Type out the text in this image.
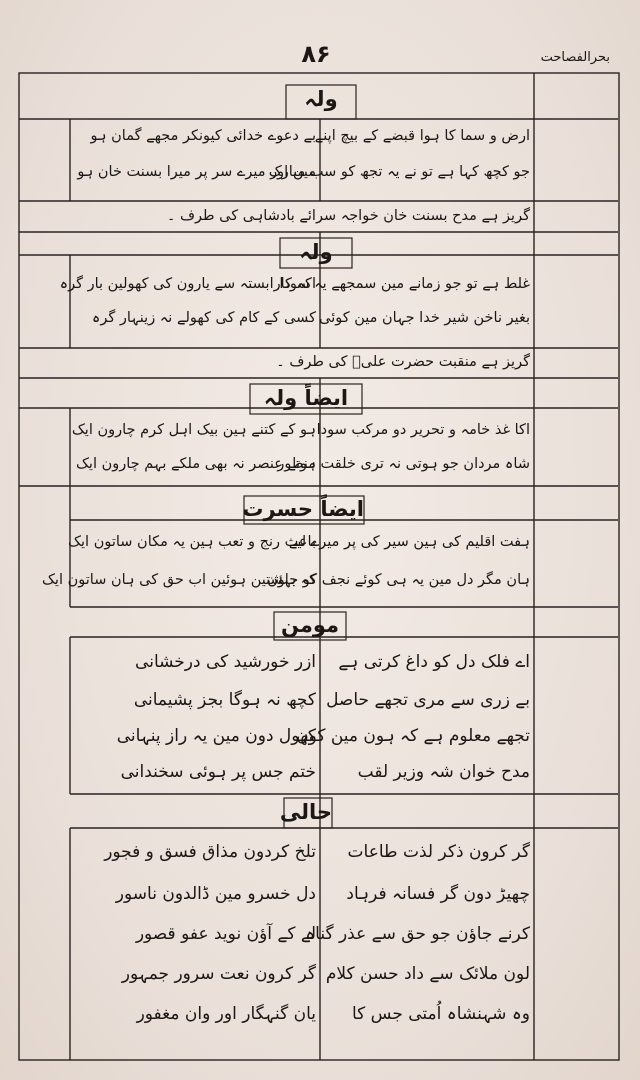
۸۶	بحرالفصاحت
ولہ
ارض و سما کا ہوا قبضے کے بیچ اپنے
جو کچھ کہا ہے تو نے یہ تجھ کو سب مبارک
بے دعوے خدائی کیونکر مجھے گمان ہو
مین اور میرے سر پر میرا بسنت خان ہو
گریز ہے مدح بسنت خان خواجہ سرائے بادشاہی کی طرف ۔
ولہ
غلط ہے تو جو زمانے مین سمجھے یہ سودا
بغیر ناخن شیر خدا جہان مین کوئی
اکہ کارابستہ سے یارون کی کھولین بار گرہ
کسی کے کام کی کھولے نہ زینہار گرہ
گریز ہے منقبت حضرت علیؑ کی طرف ۔
ایضاً ولہ
اکا غذ خامہ و تحریر دو مرکب سودا
شاہ مردان جو ہوتی نہ تری خلقت منظور
ہو کے کتنے ہین بیک اہل کرم چارون ایک
ہوتے عنصر نہ بھی ملکے بہم چارون ایک
ایضاً حسرت
ہفت اقلیم کی ہین سیر کی پر میرے لیے
ہان مگر دل مین یہ ہی کوئے نجف کو جاؤن
باعث رنج و تعب ہین یہ مکان ساتون ایک
کہ بہشتین ہوئین اب حق کی ہان ساتون ایک
مومن
اے فلک دل کو داغ کرتی ہے
بے زری سے مری تجھے حاصل
تجھے معلوم ہے کہ ہون مین کون
مدح خوان شہ وزیر لقب
ازر خورشید کی درخشانی
کچھ نہ ہوگا بجز پشیمانی
کھول دون مین یہ راز پنہانی
ختم جس پر ہوئی سخندانی
حالی
گر کرون ذکر لذت طاعات
چھیڑ دون گر فسانہ فرہاد
کرنے جاؤن جو حق سے عذر گناہ
لون ملائک سے داد حسن کلام
وہ شہنشاہ اُمتی جس کا
تلخ کردون مذاق فسق و فجور
دل خسرو مین ڈالدون ناسور
لے کے آؤن نوید عفو قصور
گر کرون نعت سرور جمہور
یان گنہگار اور وان مغفور
